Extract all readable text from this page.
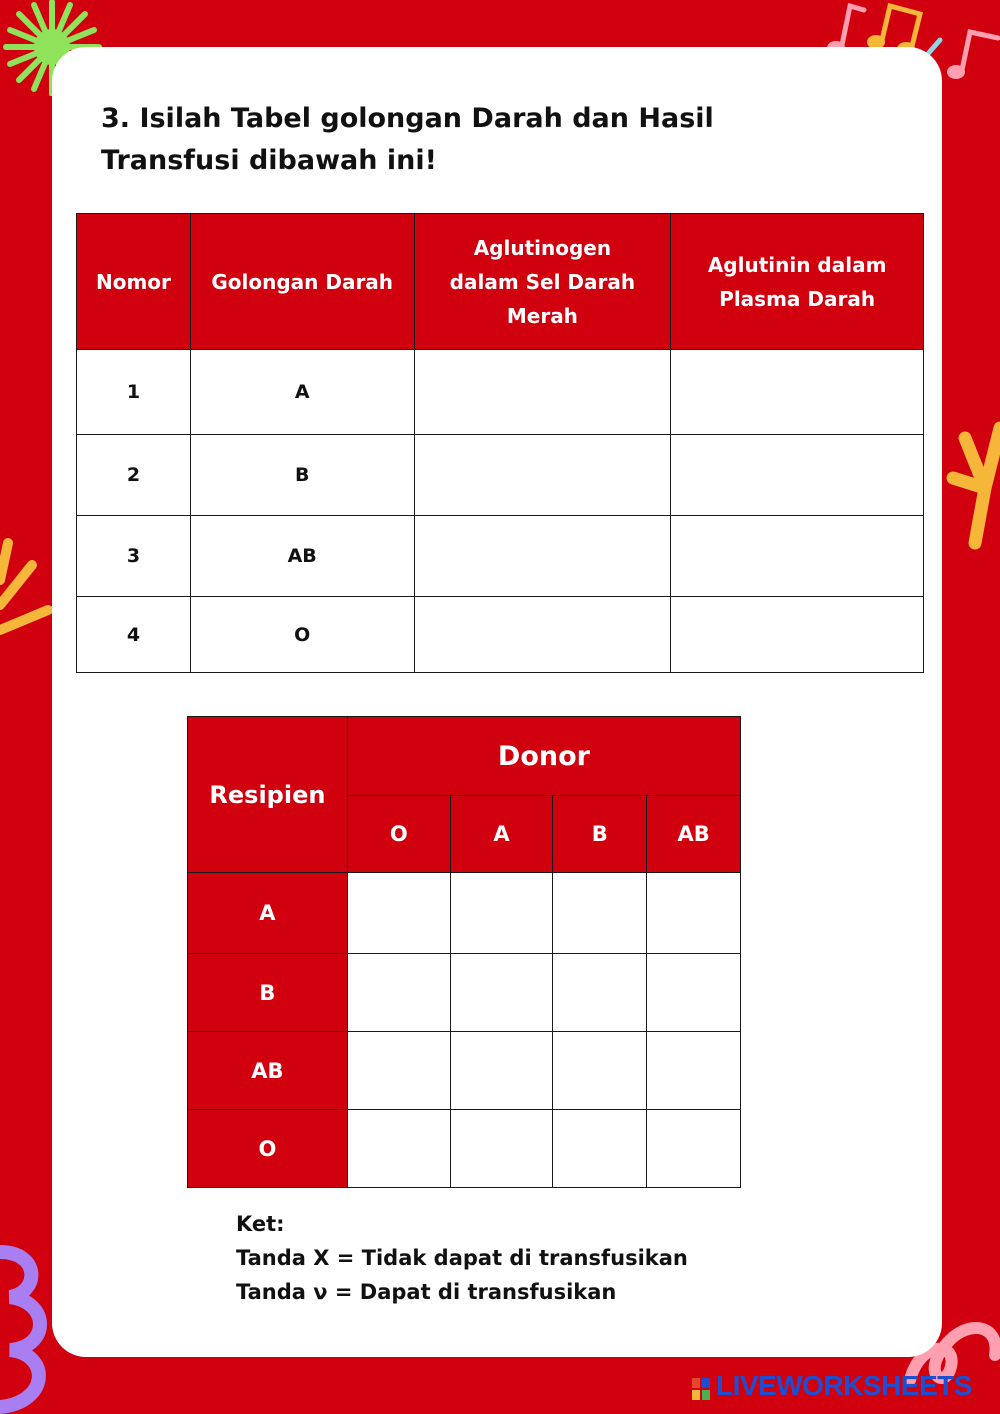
3. Isilah Tabel golongan Darah dan Hasil Transfusi dibawah ini!
Nomor	Golongan Darah	Aglutinogen dalam Sel Darah Merah	Aglutinin dalam Plasma Darah
1	A		
2	B		
3	AB		
4	O		
Resipien	Donor			
	O	A	B	AB
A				
B				
AB				
O				
Ket:
Tanda X = Tidak dapat di transfusikan
Tanda ν = Dapat di transfusikan
LIVEWORKSHEETS
